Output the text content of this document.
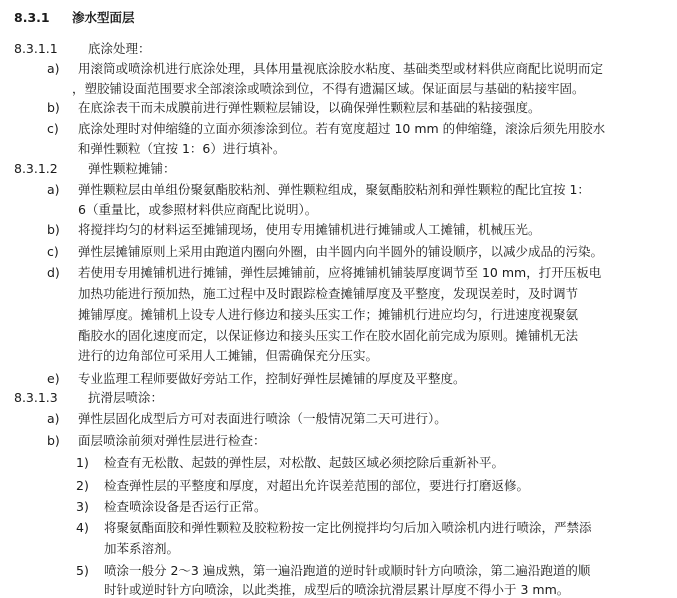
8.3.1 渗水型面层
8.3.1.1 底涂处理：
a) 用滚筒或喷涂机进行底涂处理，具体用量视底涂胶水粘度、基础类型或材料供应商配比说明而定
，塑胶铺设面范围要求全部滚涂或喷涂到位，不得有遗漏区域。保证面层与基础的粘接牢固。
b) 在底涂表干而未成膜前进行弹性颗粒层铺设，以确保弹性颗粒层和基础的粘接强度。
c) 底涂处理时对伸缩缝的立面亦须渗涂到位。若有宽度超过 10 mm 的伸缩缝，滚涂后须先用胶水
和弹性颗粒（宜按 1：6）进行填补。
8.3.1.2 弹性颗粒摊铺：
a) 弹性颗粒层由单组份聚氨酯胶粘剂、弹性颗粒组成，聚氨酯胶粘剂和弹性颗粒的配比宜按 1：
6（重量比，或参照材料供应商配比说明）。
b) 将搅拌均匀的材料运至摊铺现场，使用专用摊铺机进行摊铺或人工摊铺，机械压光。
c) 弹性层摊铺原则上采用由跑道内圈向外圈，由半圆内向半圆外的铺设顺序，以减少成品的污染。
d) 若使用专用摊铺机进行摊铺，弹性层摊铺前，应将摊铺机铺装厚度调节至 10 mm，打开压板电
加热功能进行预加热，施工过程中及时跟踪检查摊铺厚度及平整度，发现误差时，及时调节
摊铺厚度。摊铺机上设专人进行修边和接头压实工作；摊铺机行进应均匀，行进速度视聚氨
酯胶水的固化速度而定，以保证修边和接头压实工作在胶水固化前完成为原则。摊铺机无法
进行的边角部位可采用人工摊铺，但需确保充分压实。
e) 专业监理工程师要做好旁站工作，控制好弹性层摊铺的厚度及平整度。
8.3.1.3 抗滑层喷涂：
a) 弹性层固化成型后方可对表面进行喷涂（一般情况第二天可进行）。
b) 面层喷涂前须对弹性层进行检查：
1) 检查有无松散、起鼓的弹性层，对松散、起鼓区域必须挖除后重新补平。
2) 检查弹性层的平整度和厚度，对超出允许误差范围的部位，要进行打磨返修。
3) 检查喷涂设备是否运行正常。
4) 将聚氨酯面胶和弹性颗粒及胶粒粉按一定比例搅拌均匀后加入喷涂机内进行喷涂，严禁添
加苯系溶剂。
5) 喷涂一般分 2～3 遍成熟，第一遍沿跑道的逆时针或顺时针方向喷涂，第二遍沿跑道的顺
时针或逆时针方向喷涂，以此类推，成型后的喷涂抗滑层累计厚度不得小于 3 mm。
